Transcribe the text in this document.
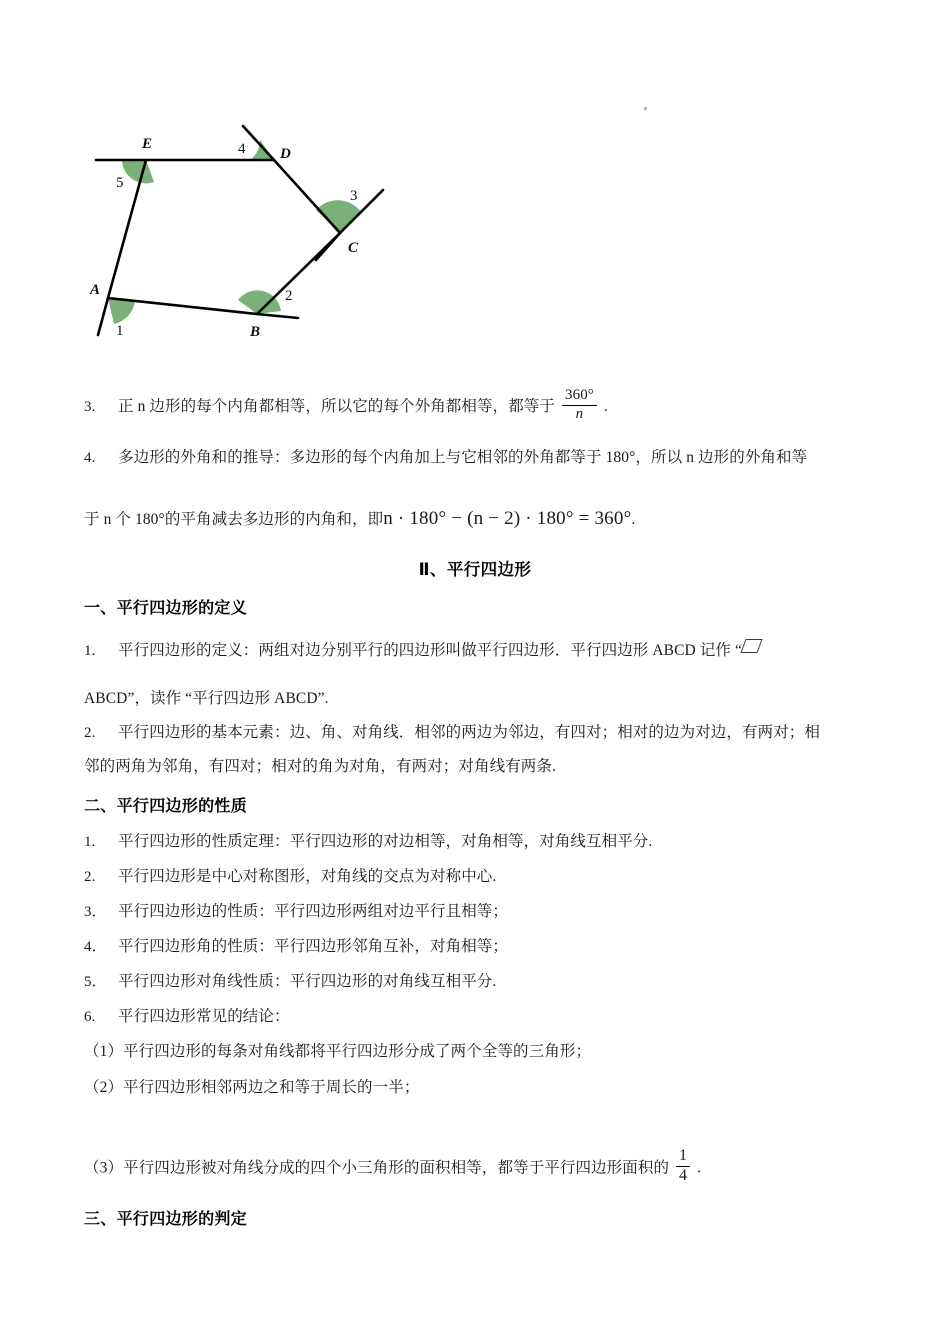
A
B
C
D
E
1
2
3
4
5
3. 正 n 边形的每个内角都相等，所以它的每个外角都相等，都等于 $\frac{360^\circ}{n}$ .
4. 多边形的外角和的推导：多边形的每个内角加上与它相邻的外角都等于 180°，所以 n 边形的外角和等
于 n 个 180°的平角减去多边形的内角和，即n · 180° − (n − 2) · 180° = 360°.
Ⅱ、平行四边形
一、平行四边形的定义
1. 平行四边形的定义：两组对边分别平行的四边形叫做平行四边形．平行四边形 ABCD 记作 “
ABCD”，读作 “平行四边形 ABCD”.
2. 平行四边形的基本元素：边、角、对角线．相邻的两边为邻边，有四对；相对的边为对边，有两对；相
邻的两角为邻角，有四对；相对的角为对角，有两对；对角线有两条.
二、平行四边形的性质
1. 平行四边形的性质定理：平行四边形的对边相等，对角相等，对角线互相平分.
2. 平行四边形是中心对称图形，对角线的交点为对称中心.
3． 平行四边形边的性质：平行四边形两组对边平行且相等；
4． 平行四边形角的性质：平行四边形邻角互补，对角相等；
5． 平行四边形对角线性质：平行四边形的对角线互相平分.
6. 平行四边形常见的结论：
（1）平行四边形的每条对角线都将平行四边形分成了两个全等的三角形；
（2）平行四边形相邻两边之和等于周长的一半；
（3）平行四边形被对角线分成的四个小三角形的面积相等，都等于平行四边形面积的 $\frac{1}{4}$ .
三、平行四边形的判定
